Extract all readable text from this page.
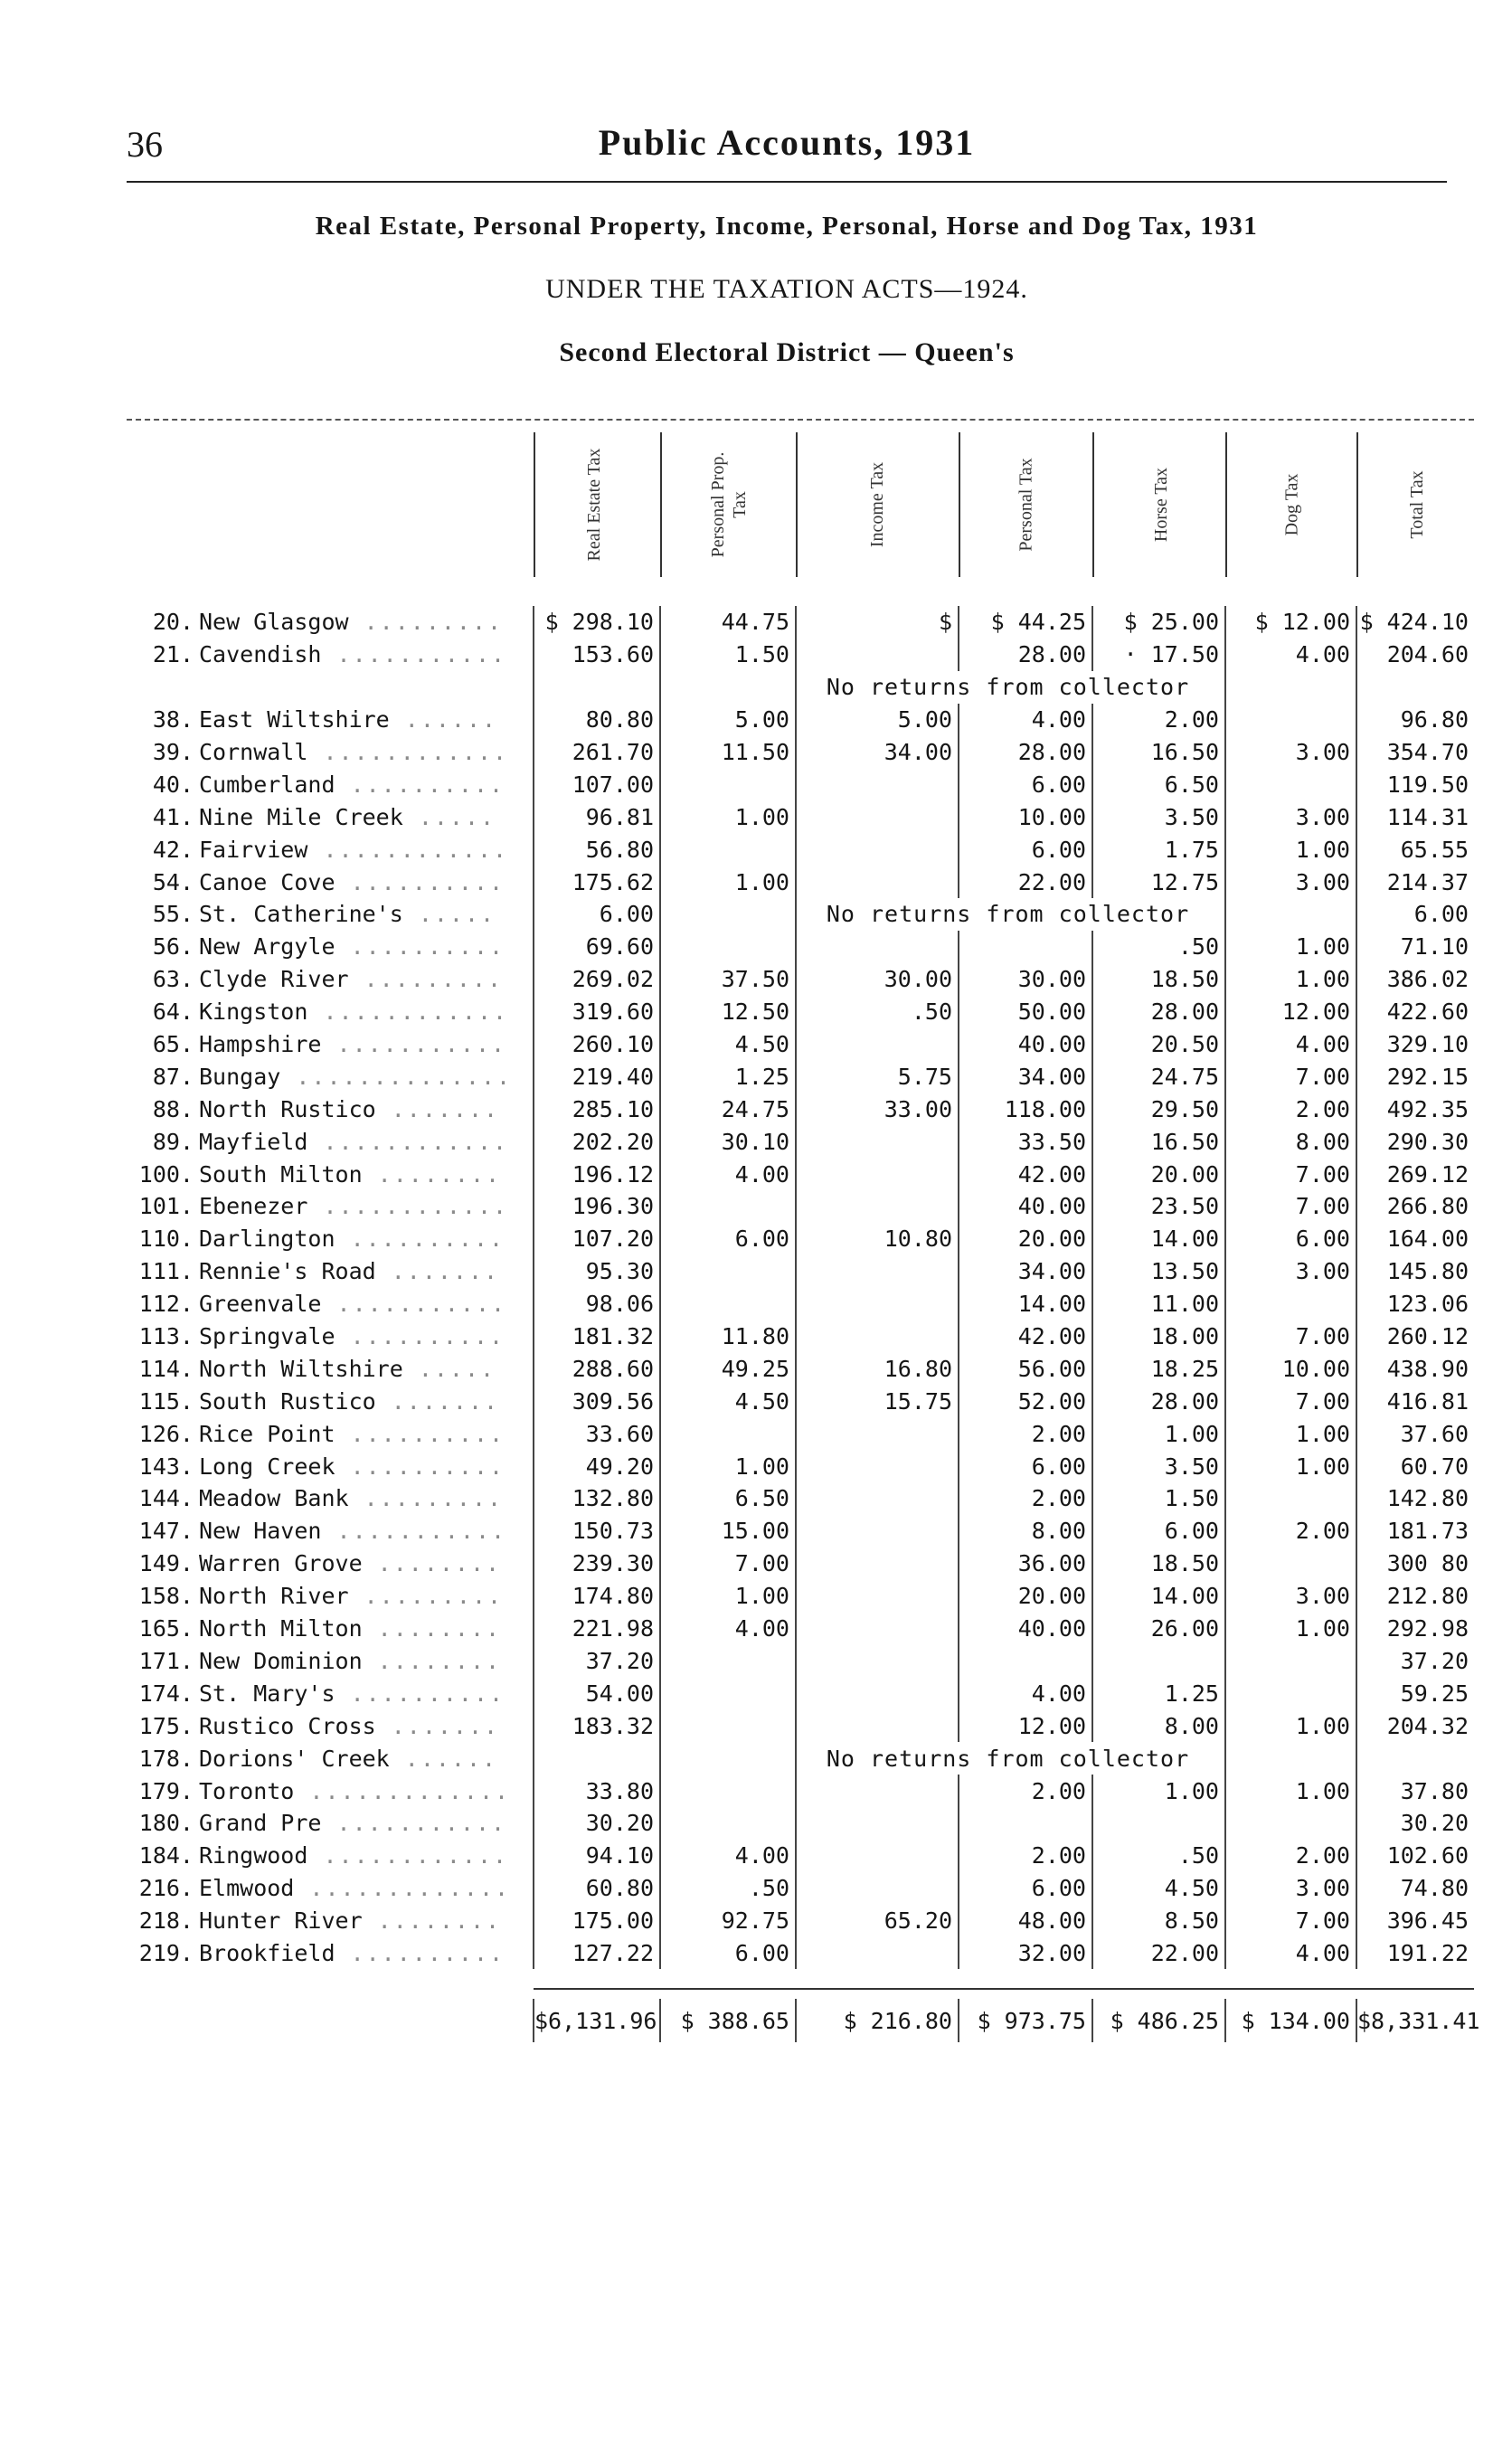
36	Public Accounts, 1931
Real Estate, Personal Property, Income, Personal, Horse and Dog Tax, 1931
UNDER THE TAXATION ACTS—1924.
Second Electoral District — Queen's
Real Estate Tax	Personal Prop. Tax	Income Tax	Personal Tax	Horse Tax	Dog Tax	Total Tax
20.	New Glasgow .........	$ 298.10	44.75	$	$ 44.25	$ 25.00	$ 12.00	$ 424.10
21.	Cavendish ...........	153.60	1.50		28.00	· 17.50	4.00	204.60
				No returns from collector				
38.	East Wiltshire ......	80.80	5.00	5.00	4.00	2.00		96.80
39.	Cornwall ............	261.70	11.50	34.00	28.00	16.50	3.00	354.70
40.	Cumberland ..........	107.00			6.00	6.50		119.50
41.	Nine Mile Creek .....	96.81	1.00		10.00	3.50	3.00	114.31
42.	Fairview ............	56.80			6.00	1.75	1.00	65.55
54.	Canoe Cove ..........	175.62	1.00		22.00	12.75	3.00	214.37
55.	St. Catherine's .....	6.00		No returns from collector				6.00
56.	New Argyle ..........	69.60				.50	1.00	71.10
63.	Clyde River .........	269.02	37.50	30.00	30.00	18.50	1.00	386.02
64.	Kingston ............	319.60	12.50	.50	50.00	28.00	12.00	422.60
65.	Hampshire ...........	260.10	4.50		40.00	20.50	4.00	329.10
87.	Bungay ..............	219.40	1.25	5.75	34.00	24.75	7.00	292.15
88.	North Rustico .......	285.10	24.75	33.00	118.00	29.50	2.00	492.35
89.	Mayfield ............	202.20	30.10		33.50	16.50	8.00	290.30
100.	South Milton ........	196.12	4.00		42.00	20.00	7.00	269.12
101.	Ebenezer ............	196.30			40.00	23.50	7.00	266.80
110.	Darlington ..........	107.20	6.00	10.80	20.00	14.00	6.00	164.00
111.	Rennie's Road .......	95.30			34.00	13.50	3.00	145.80
112.	Greenvale ...........	98.06			14.00	11.00		123.06
113.	Springvale ..........	181.32	11.80		42.00	18.00	7.00	260.12
114.	North Wiltshire .....	288.60	49.25	16.80	56.00	18.25	10.00	438.90
115.	South Rustico .......	309.56	4.50	15.75	52.00	28.00	7.00	416.81
126.	Rice Point ..........	33.60			2.00	1.00	1.00	37.60
143.	Long Creek ..........	49.20	1.00		6.00	3.50	1.00	60.70
144.	Meadow Bank .........	132.80	6.50		2.00	1.50		142.80
147.	New Haven ...........	150.73	15.00		8.00	6.00	2.00	181.73
149.	Warren Grove ........	239.30	7.00		36.00	18.50		300 80
158.	North River .........	174.80	1.00		20.00	14.00	3.00	212.80
165.	North Milton ........	221.98	4.00		40.00	26.00	1.00	292.98
171.	New Dominion ........	37.20						37.20
174.	St. Mary's ..........	54.00			4.00	1.25		59.25
175.	Rustico Cross .......	183.32			12.00	8.00	1.00	204.32
178.	Dorions' Creek ......			No returns from collector				
179.	Toronto .............	33.80			2.00	1.00	1.00	37.80
180.	Grand Pre ...........	30.20						30.20
184.	Ringwood ............	94.10	4.00		2.00	.50	2.00	102.60
216.	Elmwood .............	60.80	.50		6.00	4.50	3.00	74.80
218.	Hunter River ........	175.00	92.75	65.20	48.00	8.50	7.00	396.45
219.	Brookfield ..........	127.22	6.00		32.00	22.00	4.00	191.22
		$6,131.96	$ 388.65	$ 216.80	$ 973.75	$ 486.25	$ 134.00	$8,331.41
